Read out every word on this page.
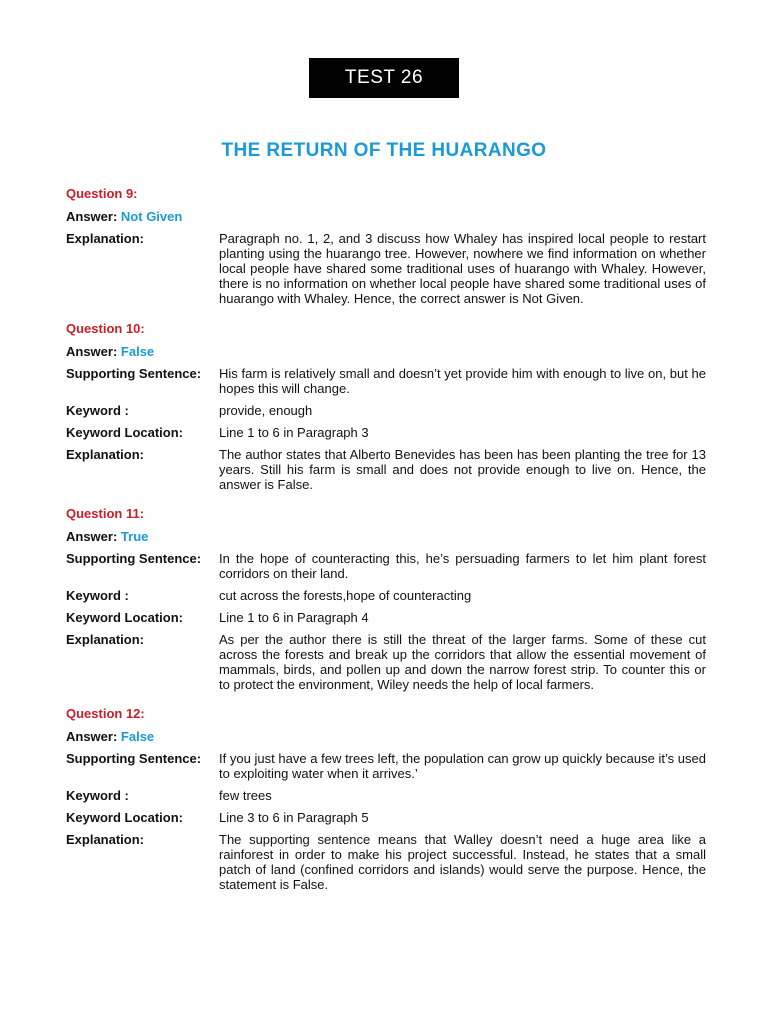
TEST 26
THE RETURN OF THE HUARANGO
Question 9:
Answer: Not Given
Explanation:	Paragraph no. 1, 2, and 3 discuss how Whaley has inspired local people to restart planting using the huarango tree. However, nowhere we find information on whether local people have shared some traditional uses of huarango with Whaley. However, there is no information on whether local people have shared some traditional uses of huarango with Whaley. Hence, the correct answer is Not Given.
Question 10:
Answer: False
Supporting Sentence:	His farm is relatively small and doesn’t yet provide him with enough to live on, but he hopes this will change.
Keyword :	provide, enough
Keyword Location:	Line 1 to 6 in Paragraph 3
Explanation:	The author states that Alberto Benevides has been has been planting the tree for 13 years. Still his farm is small and does not provide enough to live on. Hence, the answer is False.
Question 11:
Answer: True
Supporting Sentence:	In the hope of counteracting this, he’s persuading farmers to let him plant forest corridors on their land.
Keyword :	cut across the forests,hope of counteracting
Keyword Location:	Line 1 to 6 in Paragraph 4
Explanation:	As per the author there is still the threat of the larger farms. Some of these cut across the forests and break up the corridors that allow the essential movement of mammals, birds, and pollen up and down the narrow forest strip. To counter this or to protect the environment, Wiley needs the help of local farmers.
Question 12:
Answer: False
Supporting Sentence:	If you just have a few trees left, the population can grow up quickly because it’s used to exploiting water when it arrives.’
Keyword :	few trees
Keyword Location:	Line 3 to 6 in Paragraph 5
Explanation:	The supporting sentence means that Walley doesn’t need a huge area like a rainforest in order to make his project successful. Instead, he states that a small patch of land (confined corridors and islands) would serve the purpose. Hence, the statement is False.
